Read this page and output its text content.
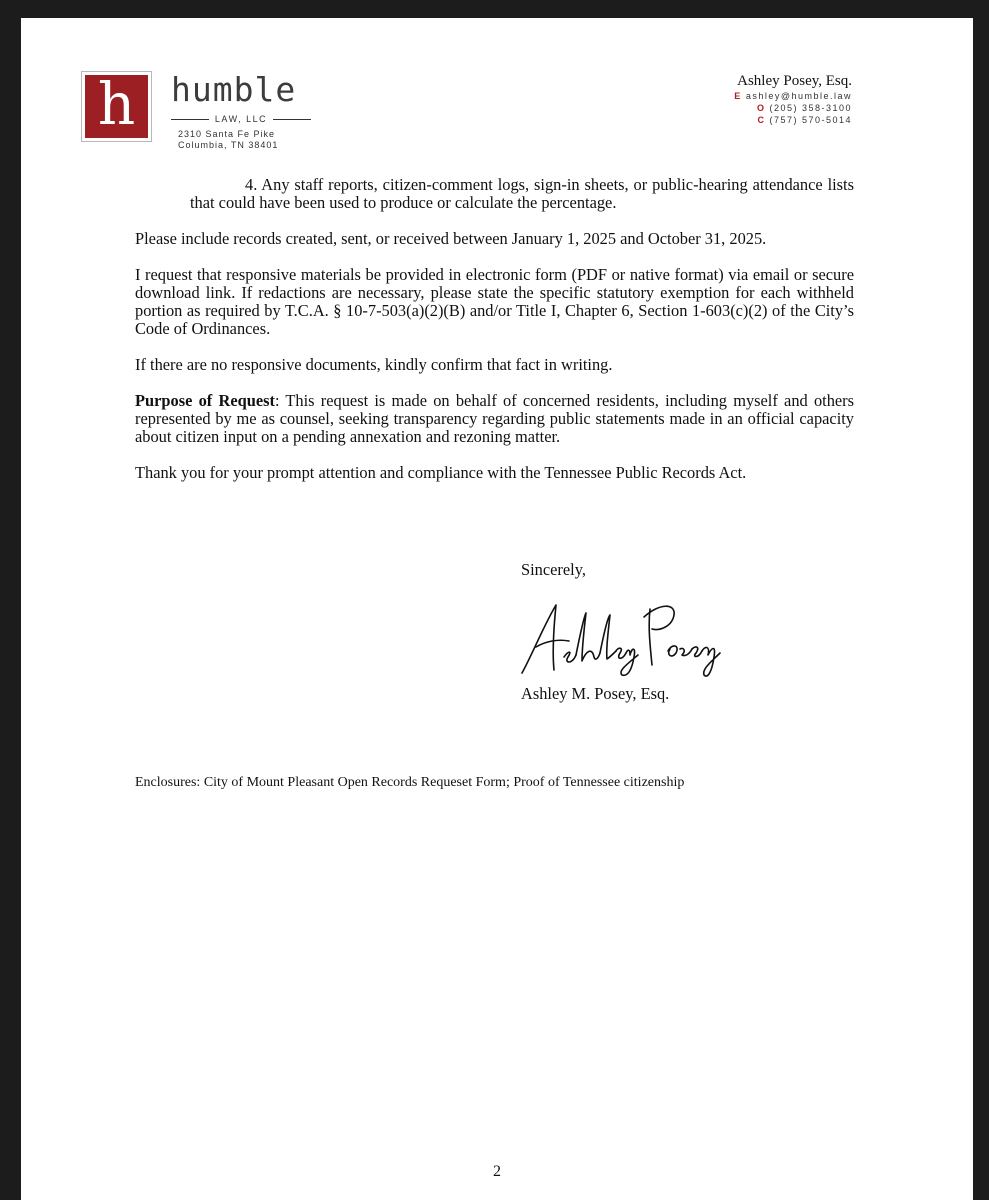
h	humble
LAW, LLC
2310 Santa Fe Pike
Columbia, TN 38401
Ashley Posey, Esq.
E ashley@humble.law
O (205) 358-3100
C (757) 570-5014

4. Any staff reports, citizen-comment logs, sign-in sheets, or public-hearing attendance lists that could have been used to produce or calculate the percentage.

Please include records created, sent, or received between January 1, 2025 and October 31, 2025.

I request that responsive materials be provided in electronic form (PDF or native format) via email or secure download link. If redactions are necessary, please state the specific statutory exemption for each withheld portion as required by T.C.A. § 10-7-503(a)(2)(B) and/or Title I, Chapter 6, Section 1-603(c)(2) of the City’s Code of Ordinances.

If there are no responsive documents, kindly confirm that fact in writing.

Purpose of Request: This request is made on behalf of concerned residents, including myself and others represented by me as counsel, seeking transparency regarding public statements made in an official capacity about citizen input on a pending annexation and rezoning matter.

Thank you for your prompt attention and compliance with the Tennessee Public Records Act.

Sincerely,
Ashley M. Posey, Esq.
Enclosures: City of Mount Pleasant Open Records Requeset Form; Proof of Tennessee citizenship
2
